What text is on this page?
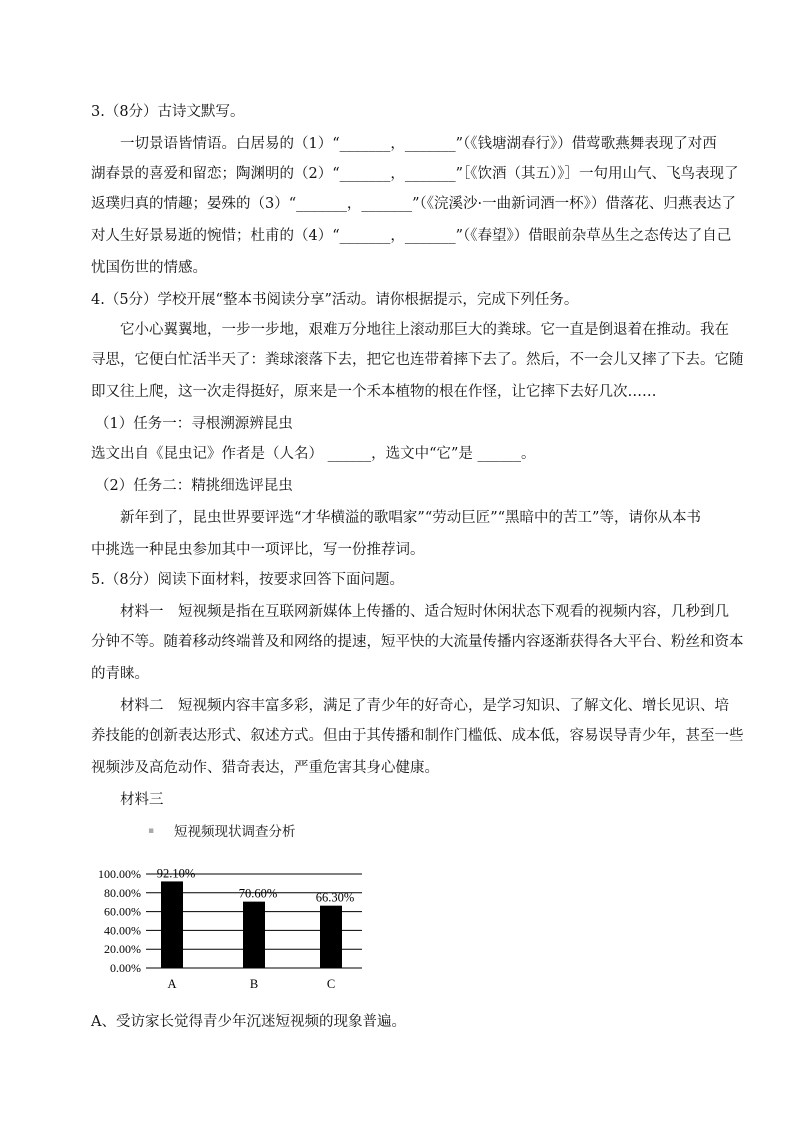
3.（8分）古诗文默写。
一切景语皆情语。白居易的（1）“_______，_______”（《钱塘湖春行》）借莺歌燕舞表现了对西
湖春景的喜爱和留恋；陶渊明的（2）“_______，_______”［《饮酒（其五）》］一句用山气、飞鸟表现了
返璞归真的情趣；晏殊的（3）“_______，_______”（《浣溪沙·一曲新词酒一杯》）借落花、归燕表达了
对人生好景易逝的惋惜；杜甫的（4）“_______，_______”（《春望》）借眼前杂草丛生之态传达了自己
忧国伤世的情感。
4.（5分）学校开展“整本书阅读分享”活动。请你根据提示，完成下列任务。
它小心翼翼地，一步一步地，艰难万分地往上滚动那巨大的粪球。它一直是倒退着在推动。我在
寻思，它便白忙活半天了：粪球滚落下去，把它也连带着摔下去了。然后，不一会儿又摔了下去。它随
即又往上爬，这一次走得挺好，原来是一个禾本植物的根在作怪，让它摔下去好几次……
（1）任务一：寻根溯源辨昆虫
选文出自《昆虫记》作者是（人名） ______，选文中“它”是 ______。
（2）任务二：精挑细选评昆虫
新年到了，昆虫世界要评选“才华横溢的歌唱家”“劳动巨匠”“黑暗中的苦工”等，请你从本书
中挑选一种昆虫参加其中一项评比，写一份推荐词。
5.（8分）阅读下面材料，按要求回答下面问题。
材料一　短视频是指在互联网新媒体上传播的、适合短时休闲状态下观看的视频内容，几秒到几
分钟不等。随着移动终端普及和网络的提速，短平快的大流量传播内容逐渐获得各大平台、粉丝和资本
的青睐。
材料二　短视频内容丰富多彩，满足了青少年的好奇心，是学习知识、了解文化、增长见识、培
养技能的创新表达形式、叙述方式。但由于其传播和制作门槛低、成本低，容易误导青少年，甚至一些
视频涉及高危动作、猎奇表达，严重危害其身心健康。
材料三
▪ 短视频现状调查分析
100.00%
80.00%
60.00%
40.00%
20.00%
0.00%
92.10%
A
70.60%
B
66.30%
C
A、受访家长觉得青少年沉迷短视频的现象普遍。
